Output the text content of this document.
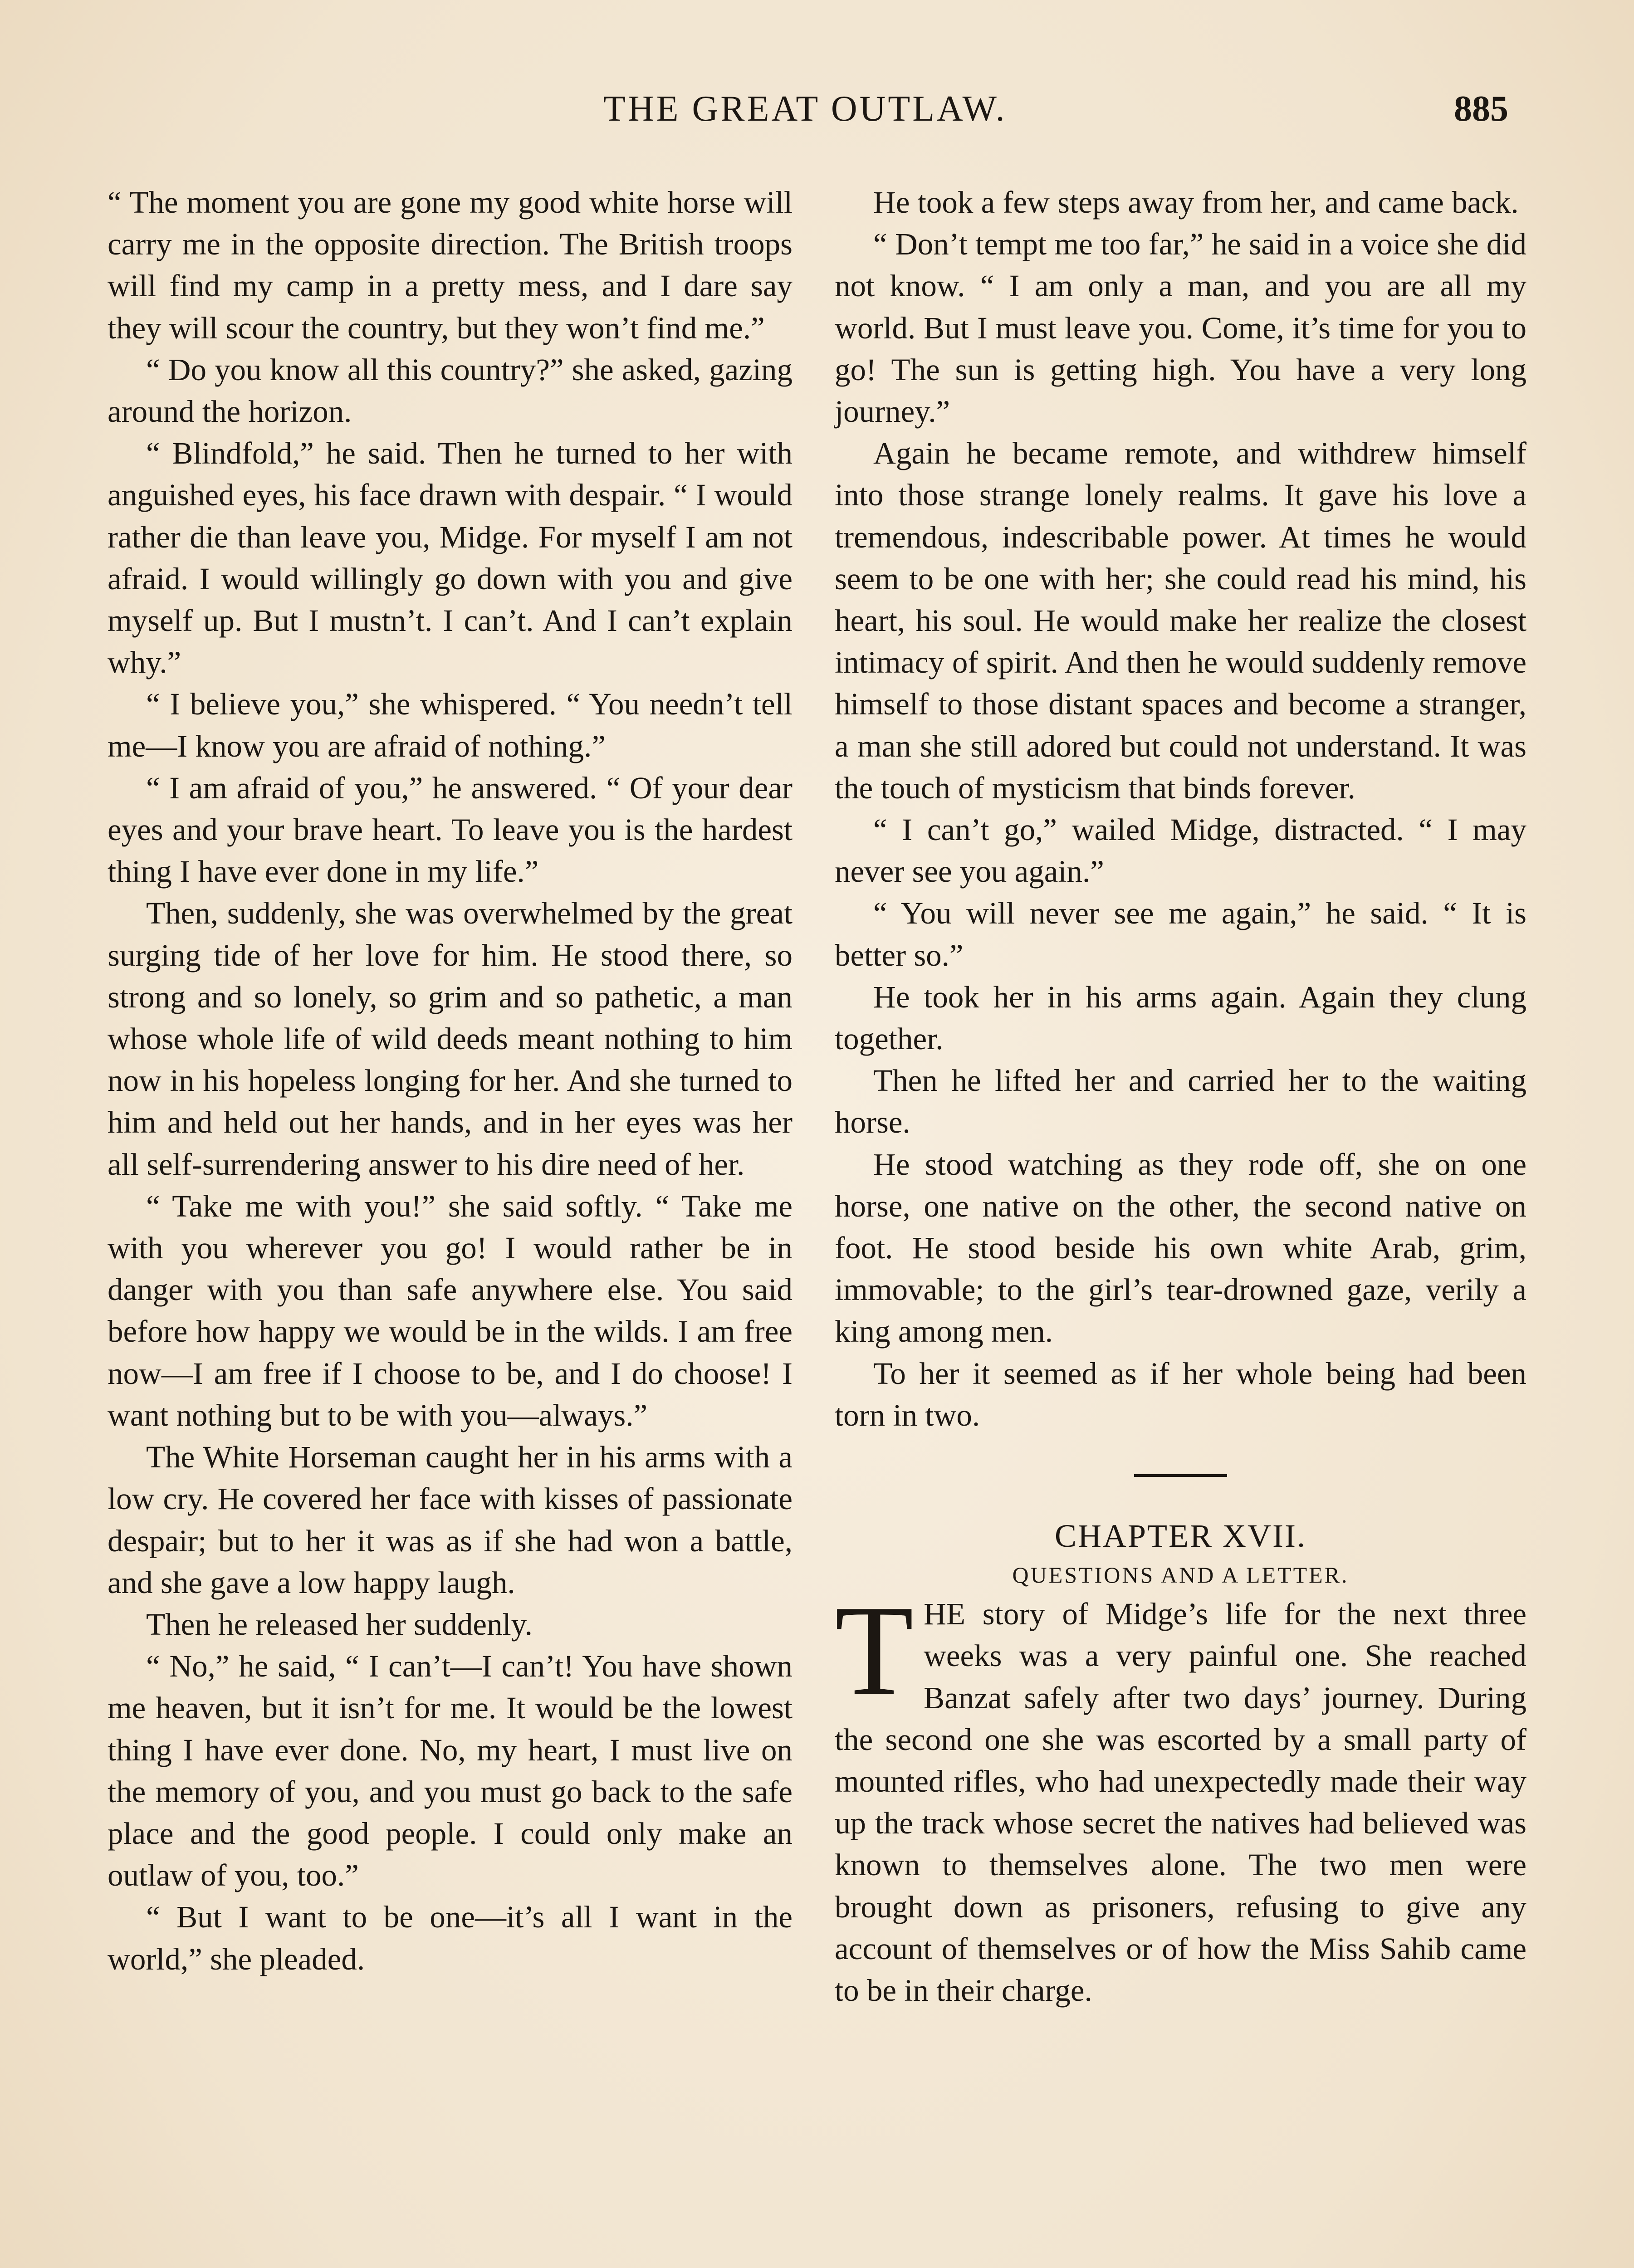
THE GREAT OUTLAW.	885

“ The moment you are gone my good white horse will carry me in the opposite direction. The British troops will find my camp in a pretty mess, and I dare say they will scour the country, but they won’t find me.”

“ Do you know all this country?” she asked, gazing around the horizon.

“ Blindfold,” he said. Then he turned to her with anguished eyes, his face drawn with despair. “ I would rather die than leave you, Midge. For myself I am not afraid. I would willingly go down with you and give myself up. But I mustn’t. I can’t. And I can’t explain why.”

“ I believe you,” she whispered. “ You needn’t tell me—I know you are afraid of nothing.”

“ I am afraid of you,” he answered. “ Of your dear eyes and your brave heart. To leave you is the hardest thing I have ever done in my life.”

Then, suddenly, she was overwhelmed by the great surging tide of her love for him. He stood there, so strong and so lonely, so grim and so pathetic, a man whose whole life of wild deeds meant nothing to him now in his hopeless longing for her. And she turned to him and held out her hands, and in her eyes was her all self-surrendering answer to his dire need of her.

“ Take me with you!” she said softly. “ Take me with you wherever you go! I would rather be in danger with you than safe anywhere else. You said before how happy we would be in the wilds. I am free now—I am free if I choose to be, and I do choose! I want nothing but to be with you—always.”

The White Horseman caught her in his arms with a low cry. He covered her face with kisses of passionate despair; but to her it was as if she had won a battle, and she gave a low happy laugh.

Then he released her suddenly.

“ No,” he said, “ I can’t—I can’t! You have shown me heaven, but it isn’t for me. It would be the lowest thing I have ever done. No, my heart, I must live on the memory of you, and you must go back to the safe place and the good people. I could only make an outlaw of you, too.”

“ But I want to be one—it’s all I want in the world,” she pleaded.

He took a few steps away from her, and came back.

“ Don’t tempt me too far,” he said in a voice she did not know. “ I am only a man, and you are all my world. But I must leave you. Come, it’s time for you to go! The sun is getting high. You have a very long journey.”

Again he became remote, and withdrew himself into those strange lonely realms. It gave his love a tremendous, indescribable power. At times he would seem to be one with her; she could read his mind, his heart, his soul. He would make her realize the closest intimacy of spirit. And then he would suddenly remove himself to those distant spaces and become a stranger, a man she still adored but could not understand. It was the touch of mysticism that binds forever.

“ I can’t go,” wailed Midge, distracted. “ I may never see you again.”

“ You will never see me again,” he said. “ It is better so.”

He took her in his arms again. Again they clung together.

Then he lifted her and carried her to the waiting horse.

He stood watching as they rode off, she on one horse, one native on the other, the second native on foot. He stood beside his own white Arab, grim, immovable; to the girl’s tear-drowned gaze, verily a king among men.

To her it seemed as if her whole being had been torn in two.

CHAPTER XVII.

QUESTIONS AND A LETTER.

THE story of Midge’s life for the next three weeks was a very painful one. She reached Banzat safely after two days’ journey. During the second one she was escorted by a small party of mounted rifles, who had unexpectedly made their way up the track whose secret the natives had believed was known to themselves alone. The two men were brought down as prisoners, refusing to give any account of themselves or of how the Miss Sahib came to be in their charge.
